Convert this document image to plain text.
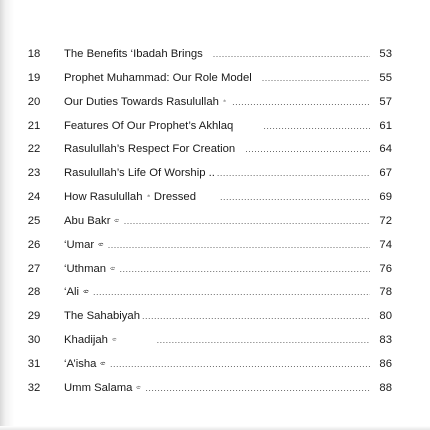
18	The Benefits ‘Ibadah Brings .....	53
19	Prophet Muhammad: Our Role Model .....	55
20	Our Duties Towards Rasulullah .....	57
21	Features Of Our Prophet’s Akhlaq .....	61
22	Rasulullah’s Respect For Creation .....	64
23	Rasulullah’s Life Of Worship .. .....	67
24	How Rasulullah Dressed .....	69
25	Abu Bakr .....	72
26	‘Umar .....	74
27	‘Uthman .....	76
28	‘Ali .....	78
29	The Sahabiyah .....	80
30	Khadijah .....	83
31	‘A’isha .....	86
32	Umm Salama .....	88
